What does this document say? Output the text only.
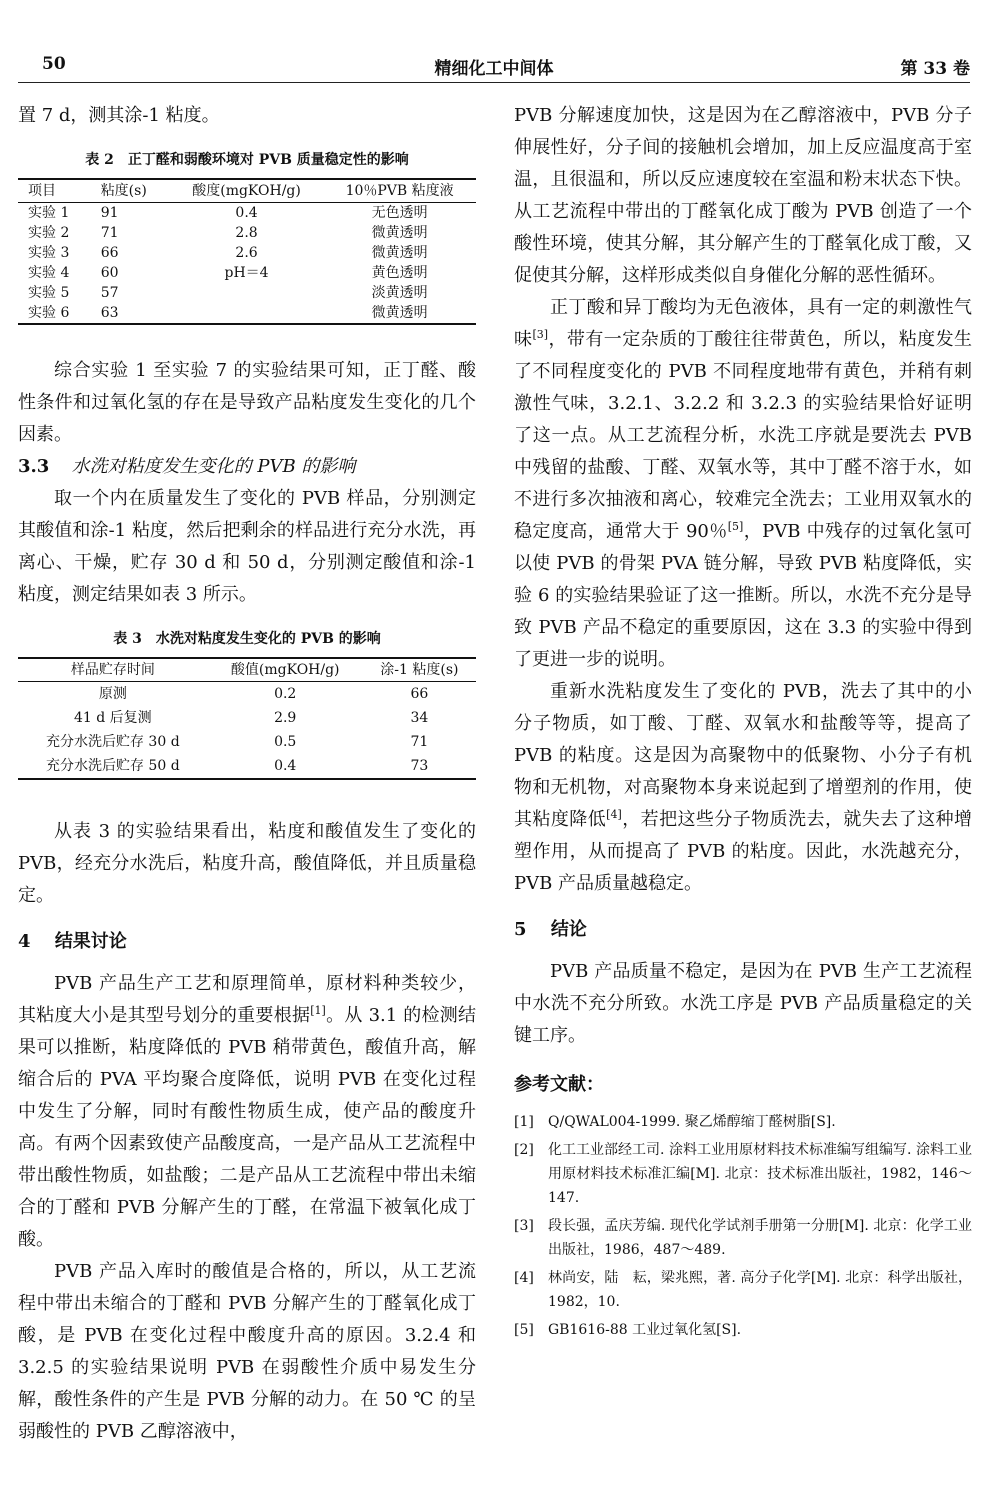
50	精细化工中间体	第 33 卷

置 7 d，测其涂-1 粘度。

表 2　正丁醛和弱酸环境对 PVB 质量稳定性的影响
项目	粘度(s)	酸度(mgKOH/g)	10％PVB 粘度液
实验 1	91	0.4	无色透明
实验 2	71	2.8	微黄透明
实验 3	66	2.6	微黄透明
实验 4	60	pH＝4	黄色透明
实验 5	57		淡黄透明
实验 6	63		微黄透明

综合实验 1 至实验 7 的实验结果可知，正丁醛、酸性条件和过氧化氢的存在是导致产品粘度发生变化的几个因素。

3.3 水洗对粘度发生变化的 PVB 的影响

取一个内在质量发生了变化的 PVB 样品，分别测定其酸值和涂-1 粘度，然后把剩余的样品进行充分水洗，再离心、干燥，贮存 30 d 和 50 d，分别测定酸值和涂-1 粘度，测定结果如表 3 所示。

表 3　水洗对粘度发生变化的 PVB 的影响
样品贮存时间	酸值(mgKOH/g)	涂-1 粘度(s)
原测	0.2	66
41 d 后复测	2.9	34
充分水洗后贮存 30 d	0.5	71
充分水洗后贮存 50 d	0.4	73

从表 3 的实验结果看出，粘度和酸值发生了变化的 PVB，经充分水洗后，粘度升高，酸值降低，并且质量稳定。

4 结果讨论

PVB 产品生产工艺和原理简单，原材料种类较少，其粘度大小是其型号划分的重要根据[1]。从 3.1 的检测结果可以推断，粘度降低的 PVB 稍带黄色，酸值升高，解缩合后的 PVA 平均聚合度降低，说明 PVB 在变化过程中发生了分解，同时有酸性物质生成，使产品的酸度升高。有两个因素致使产品酸度高，一是产品从工艺流程中带出酸性物质，如盐酸；二是产品从工艺流程中带出未缩合的丁醛和 PVB 分解产生的丁醛，在常温下被氧化成丁酸。

PVB 产品入库时的酸值是合格的，所以，从工艺流程中带出未缩合的丁醛和 PVB 分解产生的丁醛氧化成丁酸，是 PVB 在变化过程中酸度升高的原因。3.2.4 和 3.2.5 的实验结果说明 PVB 在弱酸性介质中易发生分解，酸性条件的产生是 PVB 分解的动力。在 50 ℃ 的呈弱酸性的 PVB 乙醇溶液中，

PVB 分解速度加快，这是因为在乙醇溶液中，PVB 分子伸展性好，分子间的接触机会增加，加上反应温度高于室温，且很温和，所以反应速度较在室温和粉末状态下快。从工艺流程中带出的丁醛氧化成丁酸为 PVB 创造了一个酸性环境，使其分解，其分解产生的丁醛氧化成丁酸，又促使其分解，这样形成类似自身催化分解的恶性循环。

正丁酸和异丁酸均为无色液体，具有一定的刺激性气味[3]，带有一定杂质的丁酸往往带黄色，所以，粘度发生了不同程度变化的 PVB 不同程度地带有黄色，并稍有刺激性气味，3.2.1、3.2.2 和 3.2.3 的实验结果恰好证明了这一点。从工艺流程分析，水洗工序就是要洗去 PVB 中残留的盐酸、丁醛、双氧水等，其中丁醛不溶于水，如不进行多次抽液和离心，较难完全洗去；工业用双氧水的稳定度高，通常大于 90％[5]，PVB 中残存的过氧化氢可以使 PVB 的骨架 PVA 链分解，导致 PVB 粘度降低，实验 6 的实验结果验证了这一推断。所以，水洗不充分是导致 PVB 产品不稳定的重要原因，这在 3.3 的实验中得到了更进一步的说明。

重新水洗粘度发生了变化的 PVB，洗去了其中的小分子物质，如丁酸、丁醛、双氧水和盐酸等等，提高了 PVB 的粘度。这是因为高聚物中的低聚物、小分子有机物和无机物，对高聚物本身来说起到了增塑剂的作用，使其粘度降低[4]，若把这些分子物质洗去，就失去了这种增塑作用，从而提高了 PVB 的粘度。因此，水洗越充分，PVB 产品质量越稳定。

5 结论

PVB 产品质量不稳定，是因为在 PVB 生产工艺流程中水洗不充分所致。水洗工序是 PVB 产品质量稳定的关键工序。

参考文献：
[1]	Q/QWAL004-1999. 聚乙烯醇缩丁醛树脂[S].
[2]	化工工业部经工司. 涂料工业用原材料技术标准编写组编写. 涂料工业用原材料技术标准汇编[M]. 北京：技术标准出版社，1982，146～147.
[3]	段长强，孟庆芳编. 现代化学试剂手册第一分册[M]. 北京：化学工业出版社，1986，487～489.
[4]	林尚安，陆　耘，梁兆熙，著. 高分子化学[M]. 北京：科学出版社，1982，10.
[5]	GB1616-88 工业过氧化氢[S].
